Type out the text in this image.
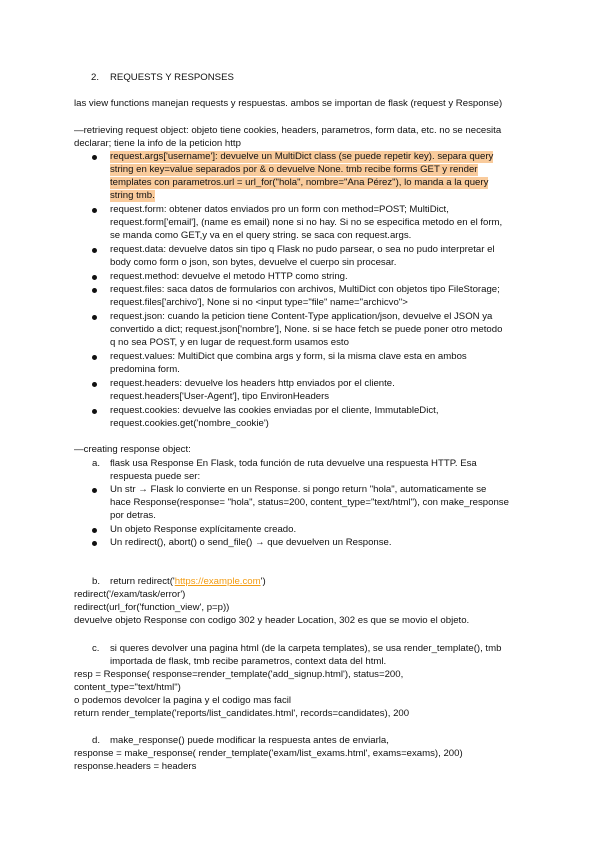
2. REQUESTS Y RESPONSES
las view functions manejan requests y respuestas. ambos se importan de flask (request y Response)
—retrieving request object: objeto tiene cookies, headers, parametros, form data, etc. no se necesita
declarar; tiene la info de la peticion http
request.args['username']: devuelve un MultiDict class (se puede repetir key). separa query
string en key=value separados por & o devuelve None. tmb recibe forms GET y render
templates con parametros.url = url_for("hola", nombre="Ana Pérez"), lo manda a la query
string tmb.
request.form: obtener datos enviados pro un form con method=POST; MultiDict,
request.form['email'], (name es email) none si no hay. Si no se especifica metodo en el form,
se manda como GET,y va en el query string. se saca con request.args.
request.data: devuelve datos sin tipo q Flask no pudo parsear, o sea no pudo interpretar el
body como form o json, son bytes, devuelve el cuerpo sin procesar.
request.method: devuelve el metodo HTTP como string.
request.files: saca datos de formularios con archivos, MultiDict con objetos tipo FileStorage;
request.files['archivo'], None si no <input type="file" name="archicvo">
request.json: cuando la peticion tiene Content-Type application/json, devuelve el JSON ya
convertido a dict; request.json['nombre'], None. si se hace fetch se puede poner otro metodo
q no sea POST, y en lugar de request.form usamos esto
request.values: MultiDict que combina args y form, si la misma clave esta en ambos
predomina form.
request.headers: devuelve los headers http enviados por el cliente.
request.headers['User-Agent'], tipo EnvironHeaders
request.cookies: devuelve las cookies enviadas por el cliente, ImmutableDict,
request.cookies.get('nombre_cookie')
—creating response object:
a. flask usa Response En Flask, toda función de ruta devuelve una respuesta HTTP. Esa
respuesta puede ser:
Un str → Flask lo convierte en un Response. si pongo return "hola", automaticamente se
hace Response(response= "hola", status=200, content_type="text/html"), con make_response
por detras.
Un objeto Response explícitamente creado.
Un redirect(), abort() o send_file() → que devuelven un Response.
b. return redirect('https://example.com')
redirect('/exam/task/error')
redirect(url_for('function_view', p=p))
devuelve objeto Response con codigo 302 y header Location, 302 es que se movio el objeto.
c. si queres devolver una pagina html (de la carpeta templates), se usa render_template(), tmb
importada de flask, tmb recibe parametros, context data del html.
resp = Response( response=render_template('add_signup.html'), status=200,
content_type="text/html")
o podemos devolcer la pagina y el codigo mas facil
return render_template('reports/list_candidates.html', records=candidates), 200
d. make_response() puede modificar la respuesta antes de enviarla,
response = make_response( render_template('exam/list_exams.html', exams=exams), 200)
response.headers = headers
